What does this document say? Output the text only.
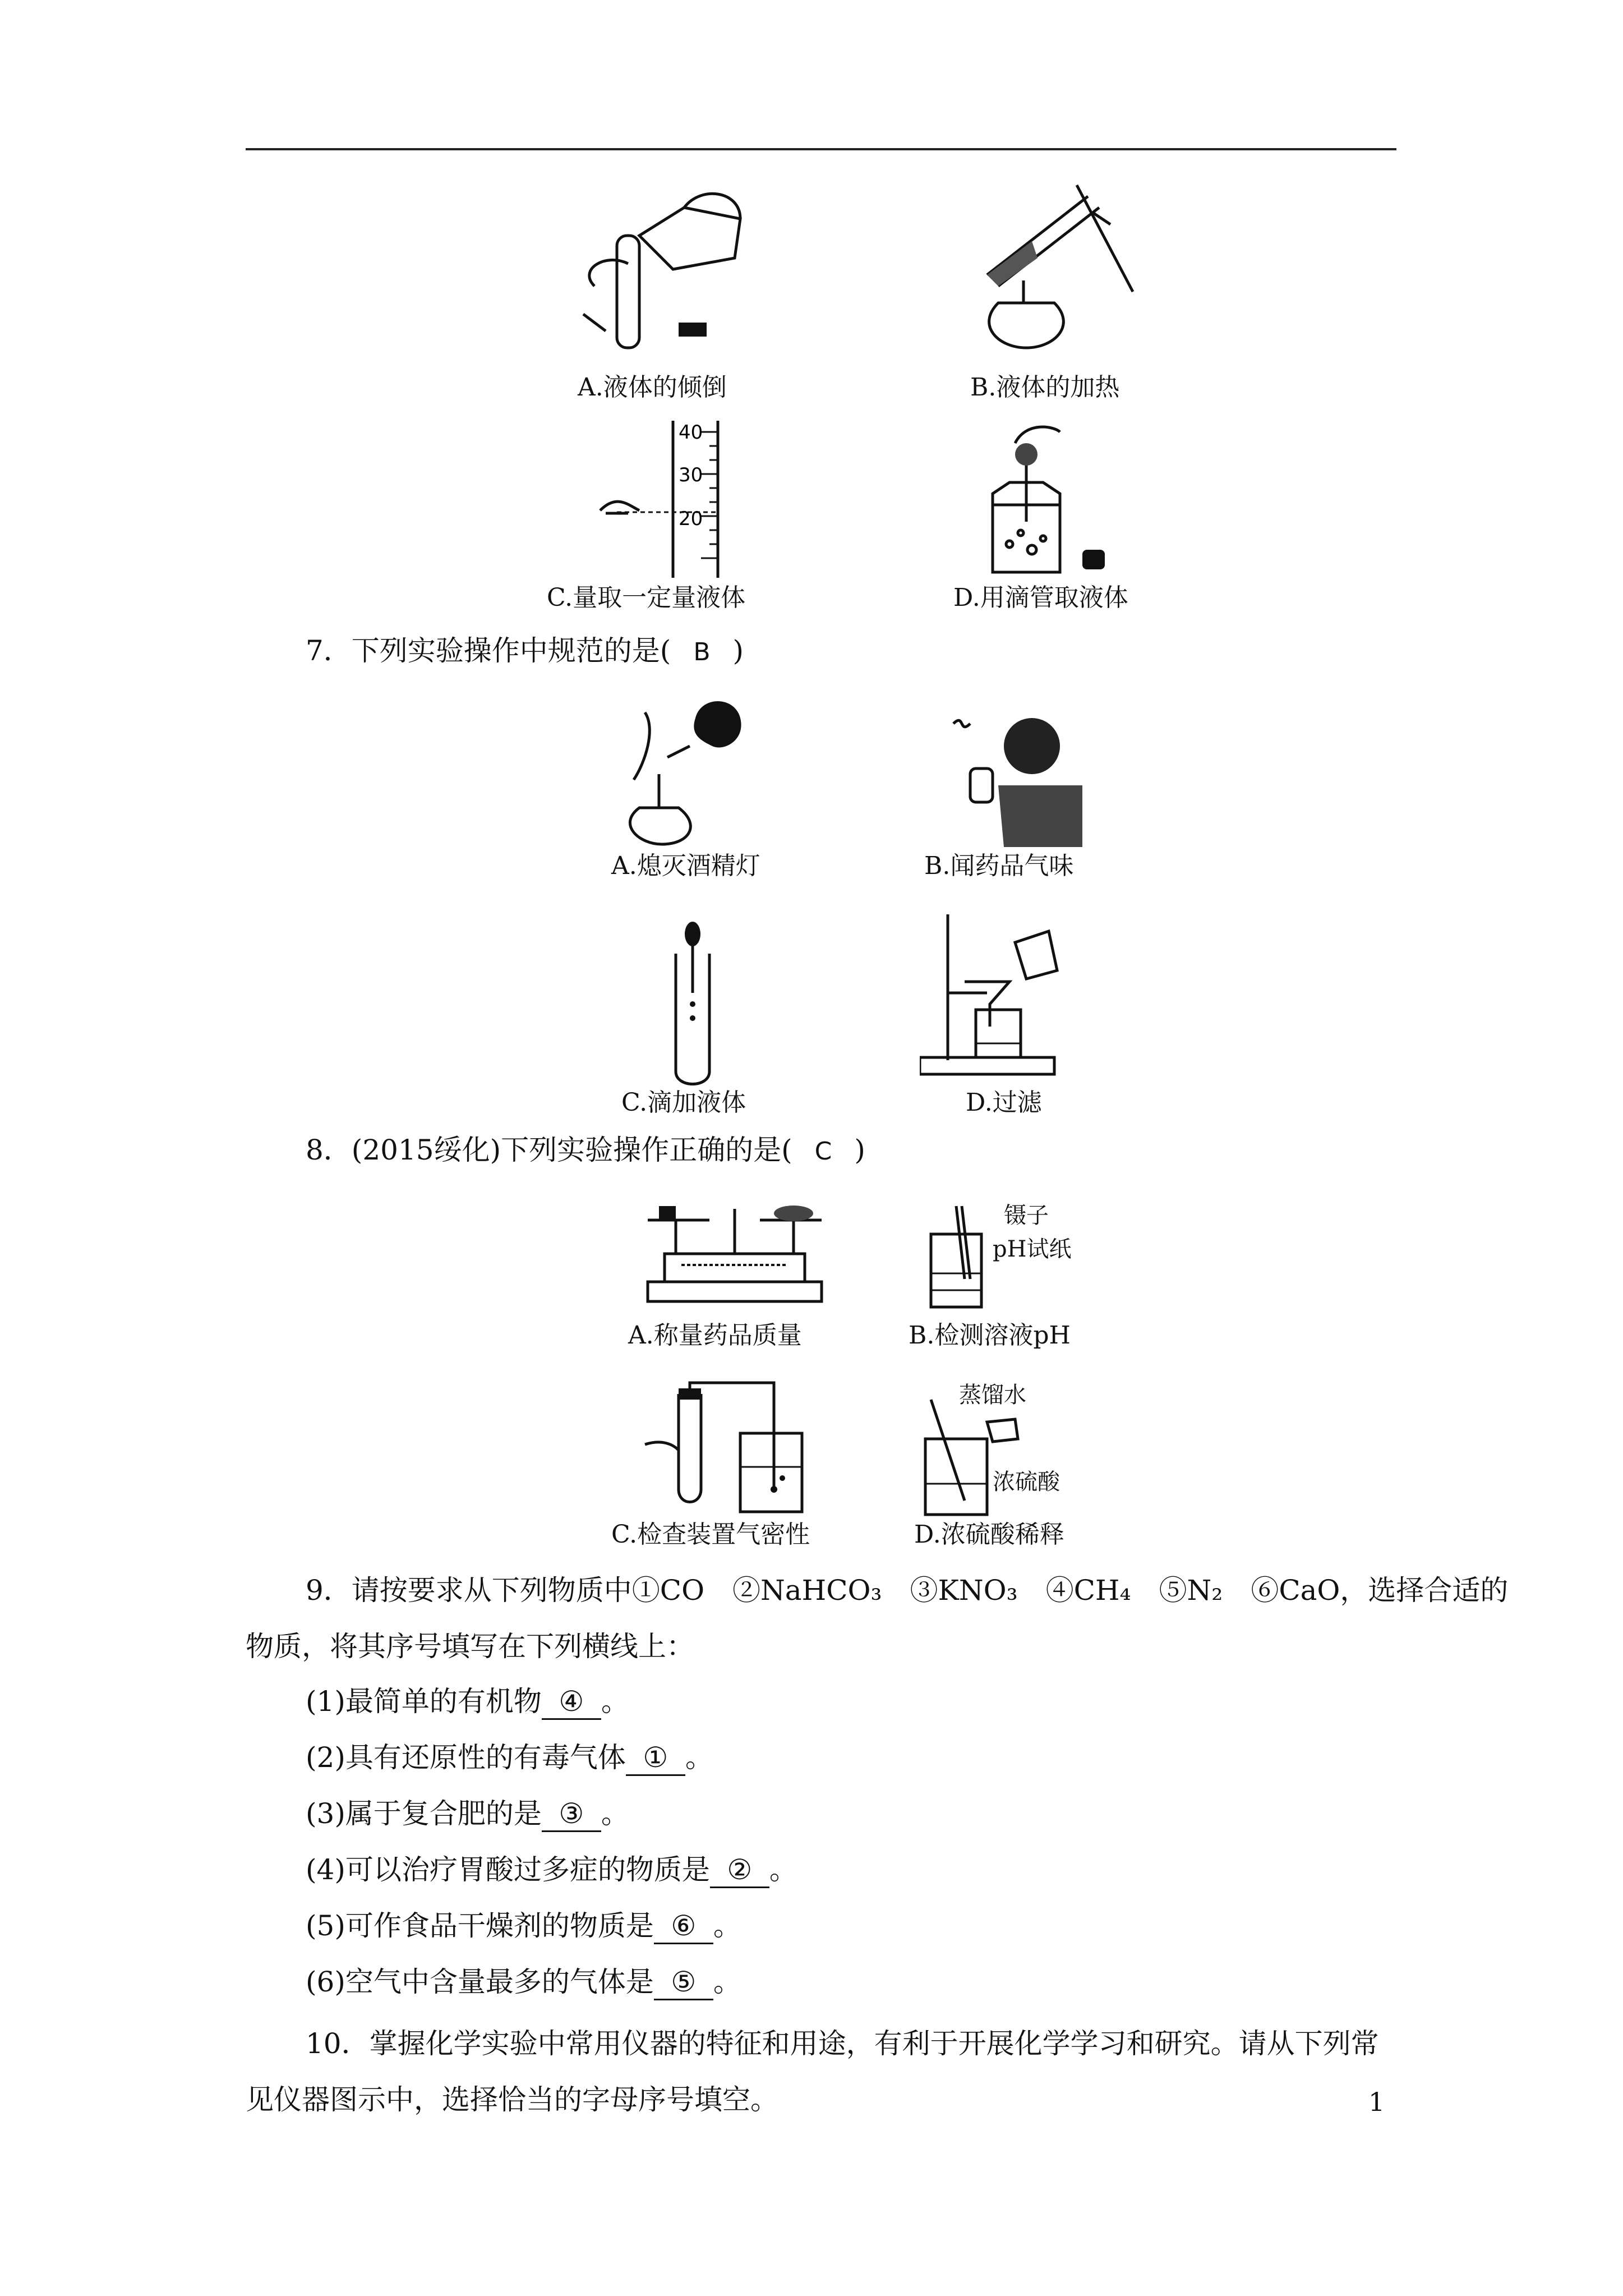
A.液体的倾倒	B.液体的加热
40
30
20
C.量取一定量液体	D.用滴管取液体
7．下列实验操作中规范的是( B )
A.熄灭酒精灯	B.闻药品气味
C.滴加液体	D.过滤
8．(2015绥化)下列实验操作正确的是( C )
A.称量药品质量
镊子
pH试纸
B.检测溶液pH
C.检查装置气密性
蒸馏水
浓硫酸
D.浓硫酸稀释
9．请按要求从下列物质中①CO　②NaHCO₃　③KNO₃　④CH₄　⑤N₂　⑥CaO，选择合适的
物质，将其序号填写在下列横线上：
(1)最简单的有机物 ④ 。
(2)具有还原性的有毒气体 ① 。
(3)属于复合肥的是 ③ 。
(4)可以治疗胃酸过多症的物质是 ② 。
(5)可作食品干燥剂的物质是 ⑥ 。
(6)空气中含量最多的气体是 ⑤ 。
10．掌握化学实验中常用仪器的特征和用途，有利于开展化学学习和研究。请从下列常
见仪器图示中，选择恰当的字母序号填空。	1
